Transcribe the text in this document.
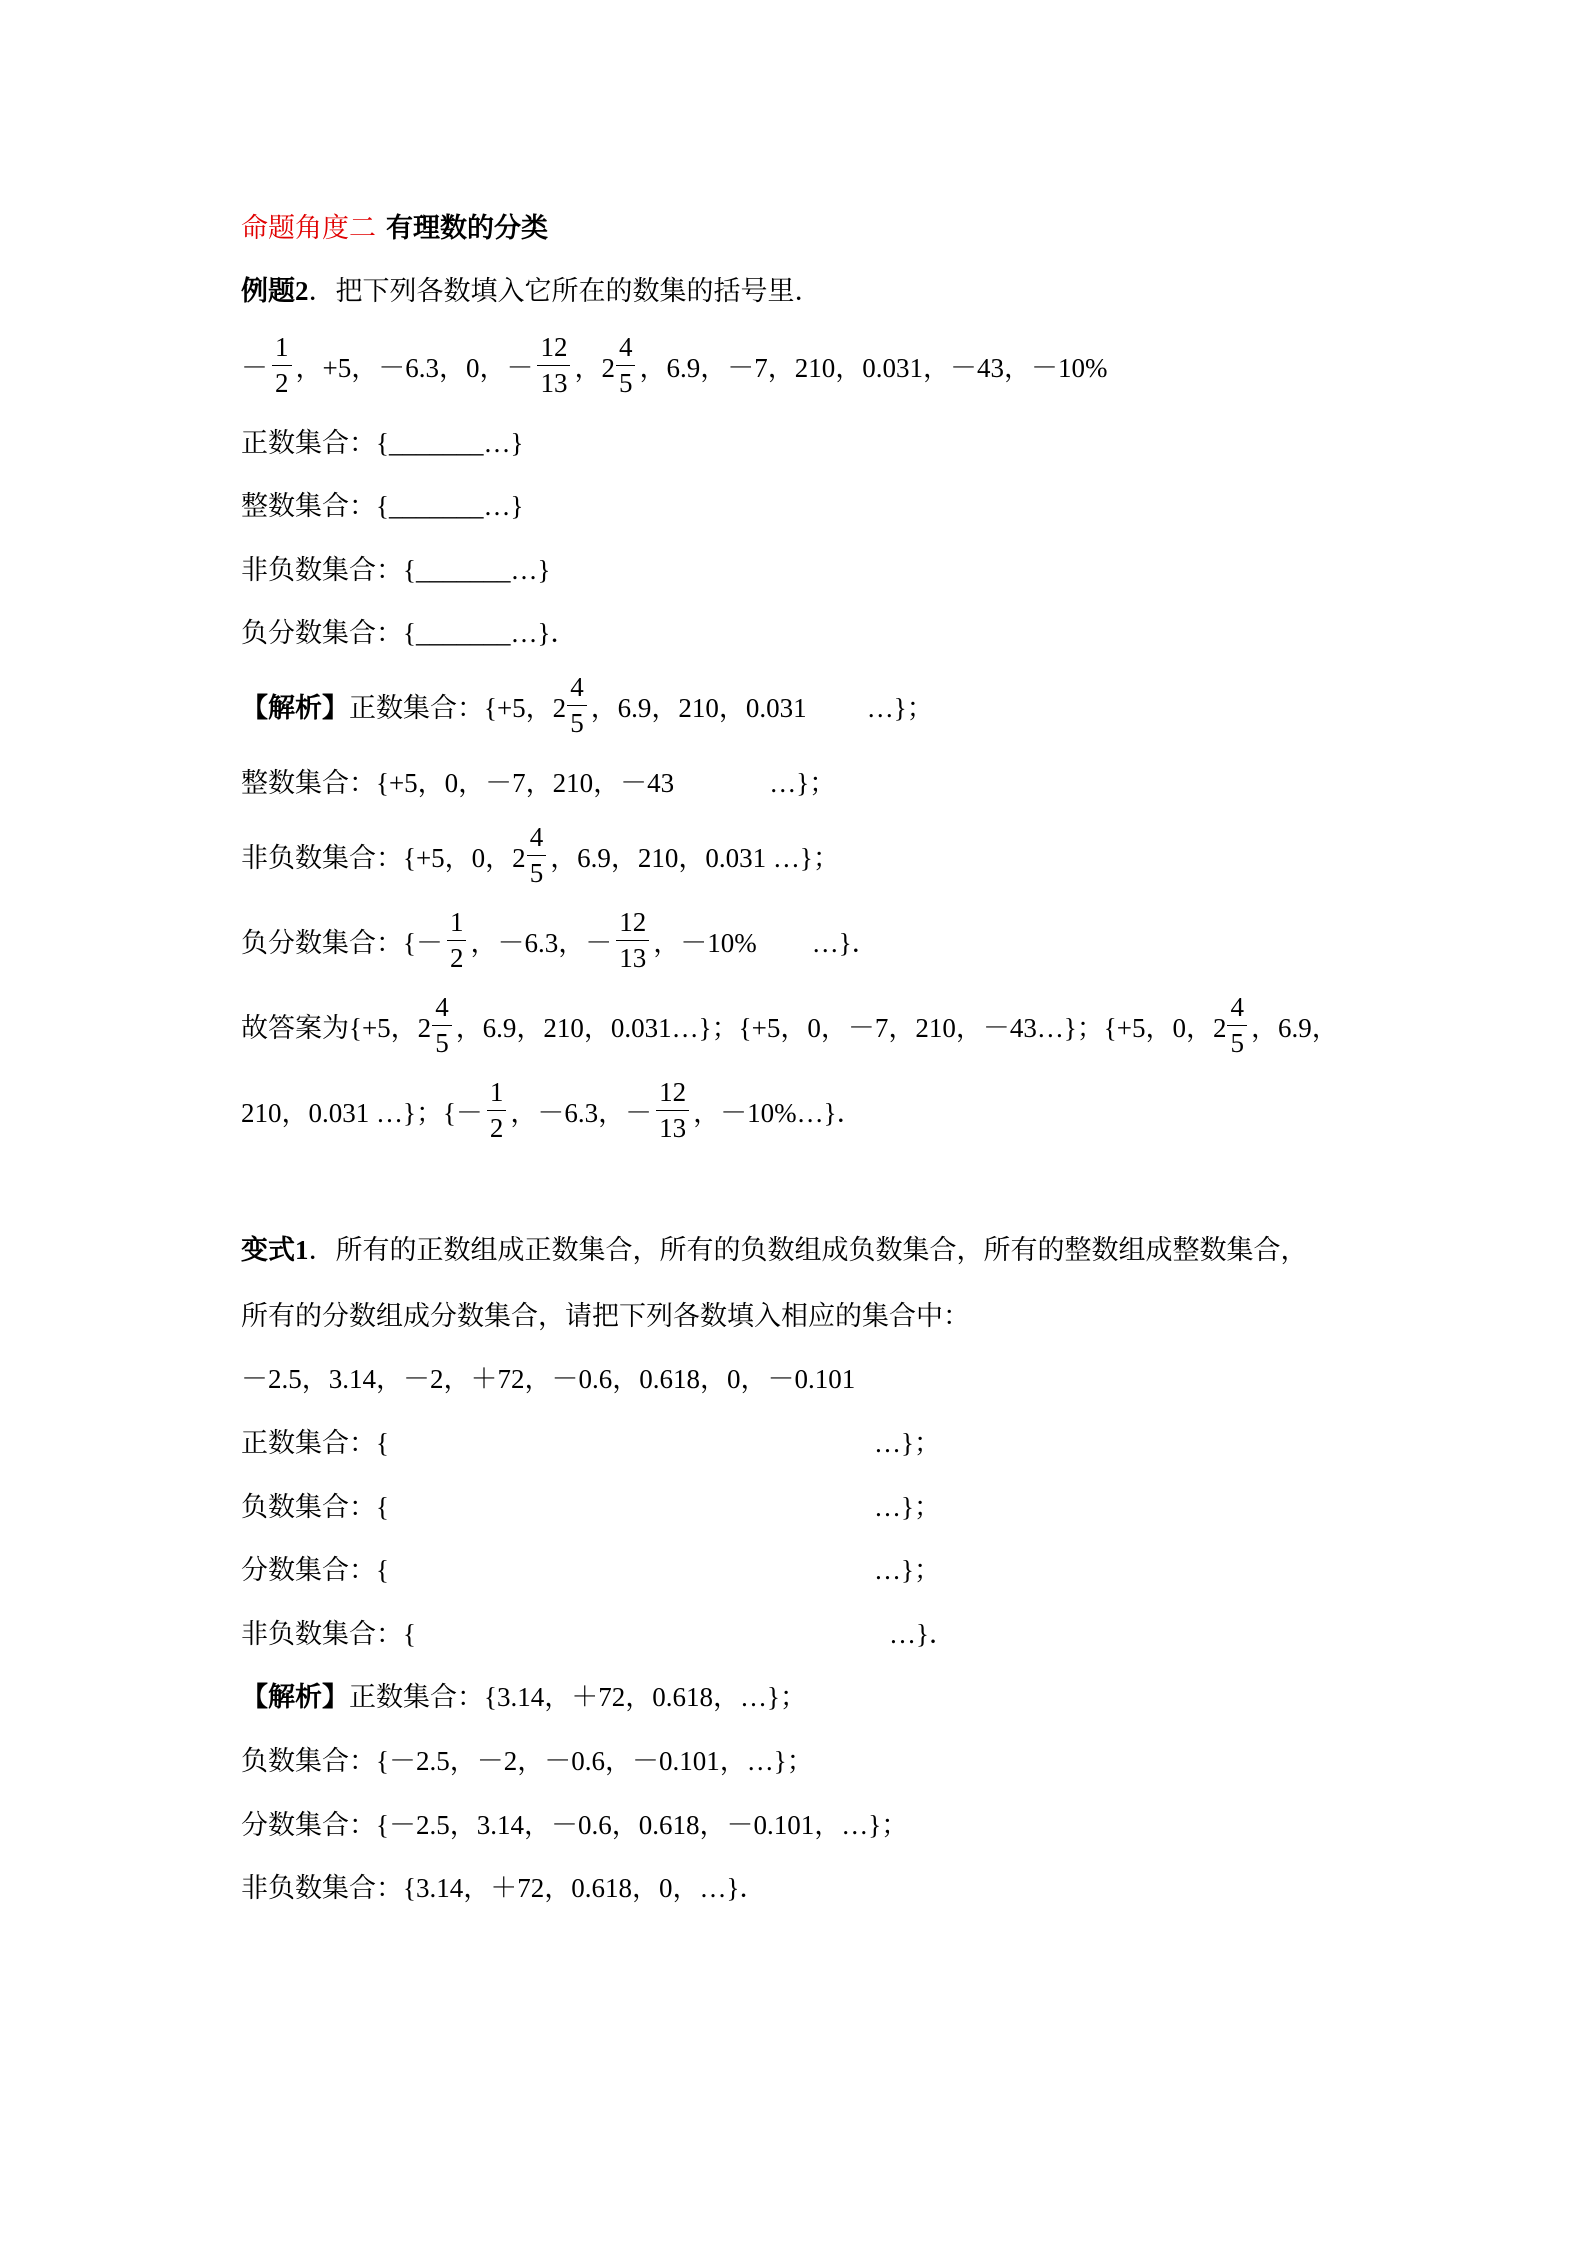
命题角度二 有理数的分类
例题2 ．把下列各数填入它所在的数集的括号里．
－ $\frac{1}{2}$ ，+5，－6.3，0，－ $\frac{12}{13}$ ，$2 \frac{4}{5}$ ，6.9，－7，210，0.031，－43，－10%
正数集合：{_______…}
整数集合：{_______…}
非负数集合：{_______…}
负分数集合：{_______…}．
【解析】 正数集合：{+5，$2 \frac{4}{5}$ ，6.9，210，0.031 …}；
整数集合：{+5，0，－7，210，－43	…}；
非负数集合：{+5，0，$2 \frac{4}{5}$ ，6.9，210，0.031 …}；
负分数集合：{－ $\frac{1}{2}$ ，－6.3，－ $\frac{12}{13}$ ，－10% …}．
故答案为{+5，$2 \frac{4}{5}$ ，6.9，210，0.031…}；{+5，0，－7，210，－43…}；{+5，0，$2 \frac{4}{5}$ ，6.9，
210，0.031 …}；{－ $\frac{1}{2}$ ，－6.3，－ $\frac{12}{13}$ ，－10%…}．
变式1 ．所有的正数组成正数集合，所有的负数组成负数集合，所有的整数组成整数集合，
所有的分数组成分数集合，请把下列各数填入相应的集合中：
－2.5，3.14，－2，＋72，－0.6，0.618，0，－0.101
正数集合：{	…}；
负数集合：{	…}；
分数集合：{	…}；
非负数集合：{	…}．
【解析】 正数集合：{3.14，＋72，0.618，…}；
负数集合：{－2.5，－2，－0.6，－0.101，…}；
分数集合：{－2.5，3.14，－0.6，0.618，－0.101，…}；
非负数集合：{3.14，＋72，0.618，0，…}．
